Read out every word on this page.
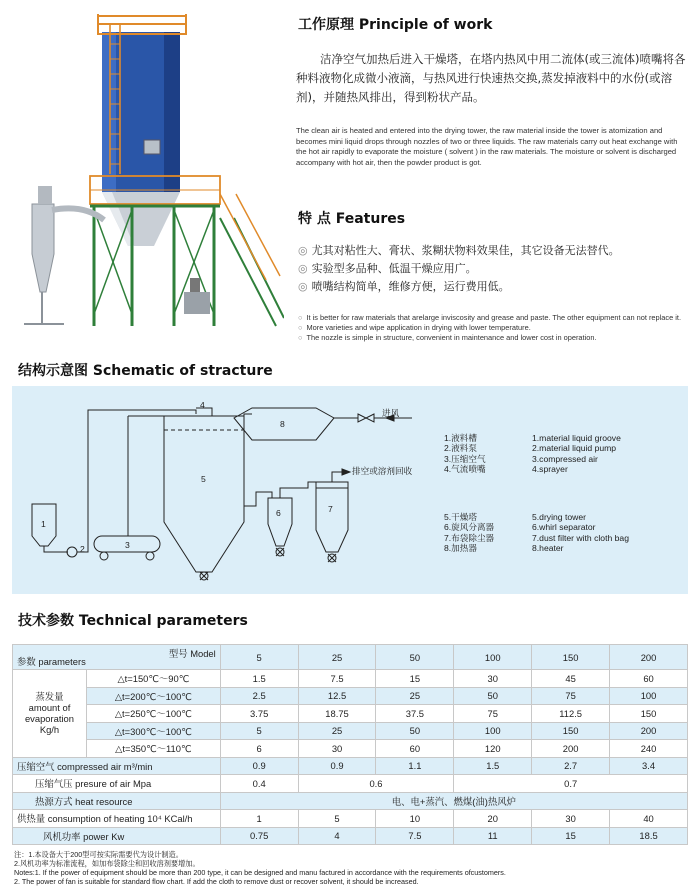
工作原理 Principle of work
洁净空气加热后进入干燥塔，在塔内热风中用二流体(或三流体)喷嘴将各种料液物化成微小液滴，与热风进行快速热交换,蒸发掉液料中的水份(或溶剂)，并随热风排出，得到粉状产品。
The clean air is heated and entered into the drying tower, the raw material inside the tower is atomization and becomes mini liquid drops through nozzles of two or three liquids. The raw materials carry out heat exchange with the hot air rapidly to evaporate the moisture ( solvent ) in the raw materials. The moisture or solvent is discharged accompany with hot air, then the powder product is got.
特 点 Features
◎ 尤其对粘性大、膏状、浆糊状物料效果佳，其它设备无法替代。
◎ 实验型多品种、低温干燥应用广。
◎ 喷嘴结构简单，维修方便，运行费用低。
○ It is better for raw materials that arelarge inviscosity and grease and paste. The other equipment can not replace it.
○ More varieties and wipe application in drying with lower temperature.
○ The nozzle is simple in structure, convenient in maintenance and lower cost in operation.
结构示意图 Schematic of stracture
1
2	3
4
5
6	7
8
进风
排空或溶剂回收
1.液料槽
2.液料泵
3.压缩空气
4.气流喷嘴
1.material liquid groove
2.material liquid pump
3.compressed air
4.sprayer
5.干燥塔
6.旋风分离器
7.布袋除尘器
8.加热器
5.drying tower
6.whirl separator
7.dust filter with cloth bag
8.heater
技术参数 Technical parameters
参数 parameters
型号 Model		5	25	50	100	150	200

蒸发量
amount of
evaporation
Kg/h	△t=150℃～90℃	1.5	7.5	15	30	45	60
	△t=200℃～100℃	2.5	12.5	25	50	75	100
	△t=250℃～100℃	3.75	18.75	37.5	75	112.5	150
	△t=300℃～100℃	5	25	50	100	150	200
	△t=350℃～110℃	6	30	60	120	200	240
压缩空气 compressed air m³/min		0.9	0.9	1.1	1.5	2.7	3.4
压缩气压 presure of air Mpa		0.4	0.6		0.7		
热源方式 heat resource		电、电+蒸汽、燃煤(油)热风炉					
供热量 consumption of heating 10⁴ KCal/h		1	5	10	20	30	40
风机功率 power Kw		0.75	4	7.5	11	15	18.5
注：1.本设备大于200型可按实际需要代为设计制造。
2.风机功率为标准流程，如加布袋除尘和回收溶剂要增加。
Notes:1. If the power of equipment should be more than 200 type, it can be designed and manu factured in accordance with the requirements ofcustomers.
2. The power of fan is suitable for standard flow chart. If add the cloth to remove dust or recover solvent, it should be increased.
